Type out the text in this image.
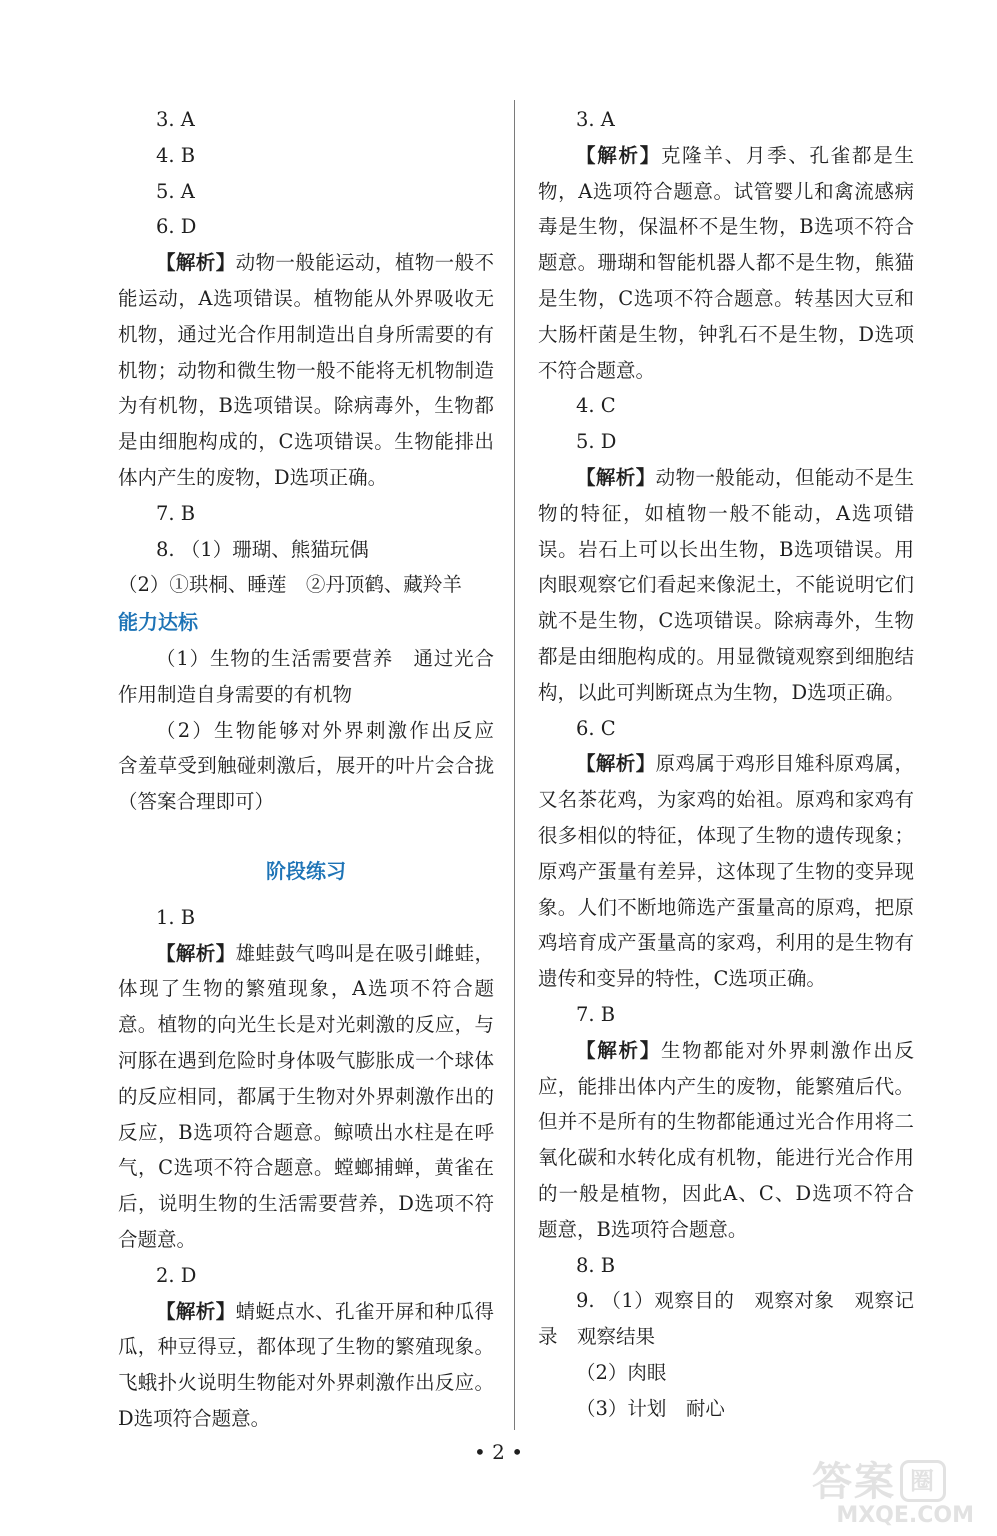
3. A
4. B
5. A
6. D
【解析】动物一般能运动，植物一般不能运动，A选项错误。植物能从外界吸收无机物，通过光合作用制造出自身所需要的有机物；动物和微生物一般不能将无机物制造为有机物，B选项错误。除病毒外，生物都是由细胞构成的，C选项错误。生物能排出体内产生的废物，D选项正确。
7. B
8. （1）珊瑚、熊猫玩偶
（2）①珙桐、睡莲　②丹顶鹤、藏羚羊
能力达标
（1）生物的生活需要营养　通过光合作用制造自身需要的有机物
（2）生物能够对外界刺激作出反应　含羞草受到触碰刺激后，展开的叶片会合拢（答案合理即可）
阶段练习
1. B
【解析】雄蛙鼓气鸣叫是在吸引雌蛙，体现了生物的繁殖现象，A选项不符合题意。植物的向光生长是对光刺激的反应，与河豚在遇到危险时身体吸气膨胀成一个球体的反应相同，都属于生物对外界刺激作出的反应，B选项符合题意。鲸喷出水柱是在呼气，C选项不符合题意。螳螂捕蝉，黄雀在后，说明生物的生活需要营养，D选项不符合题意。
2. D
【解析】蜻蜓点水、孔雀开屏和种瓜得瓜，种豆得豆，都体现了生物的繁殖现象。飞蛾扑火说明生物能对外界刺激作出反应。D选项符合题意。
3. A
【解析】克隆羊、月季、孔雀都是生物，A选项符合题意。试管婴儿和禽流感病毒是生物，保温杯不是生物，B选项不符合题意。珊瑚和智能机器人都不是生物，熊猫是生物，C选项不符合题意。转基因大豆和大肠杆菌是生物，钟乳石不是生物，D选项不符合题意。
4. C
5. D
【解析】动物一般能动，但能动不是生物的特征，如植物一般不能动，A选项错误。岩石上可以长出生物，B选项错误。用肉眼观察它们看起来像泥土，不能说明它们就不是生物，C选项错误。除病毒外，生物都是由细胞构成的。用显微镜观察到细胞结构，以此可判断斑点为生物，D选项正确。
6. C
【解析】原鸡属于鸡形目雉科原鸡属，又名茶花鸡，为家鸡的始祖。原鸡和家鸡有很多相似的特征，体现了生物的遗传现象；原鸡产蛋量有差异，这体现了生物的变异现象。人们不断地筛选产蛋量高的原鸡，把原鸡培育成产蛋量高的家鸡，利用的是生物有遗传和变异的特性，C选项正确。
7. B
【解析】生物都能对外界刺激作出反应，能排出体内产生的废物，能繁殖后代。但并不是所有的生物都能通过光合作用将二氧化碳和水转化成有机物，能进行光合作用的一般是植物，因此A、C、D选项不符合题意，B选项符合题意。
8. B
9. （1）观察目的　观察对象　观察记录　观察结果
（2）肉眼
（3）计划　耐心
• 2 •
答案 圈
MXQE.COM
